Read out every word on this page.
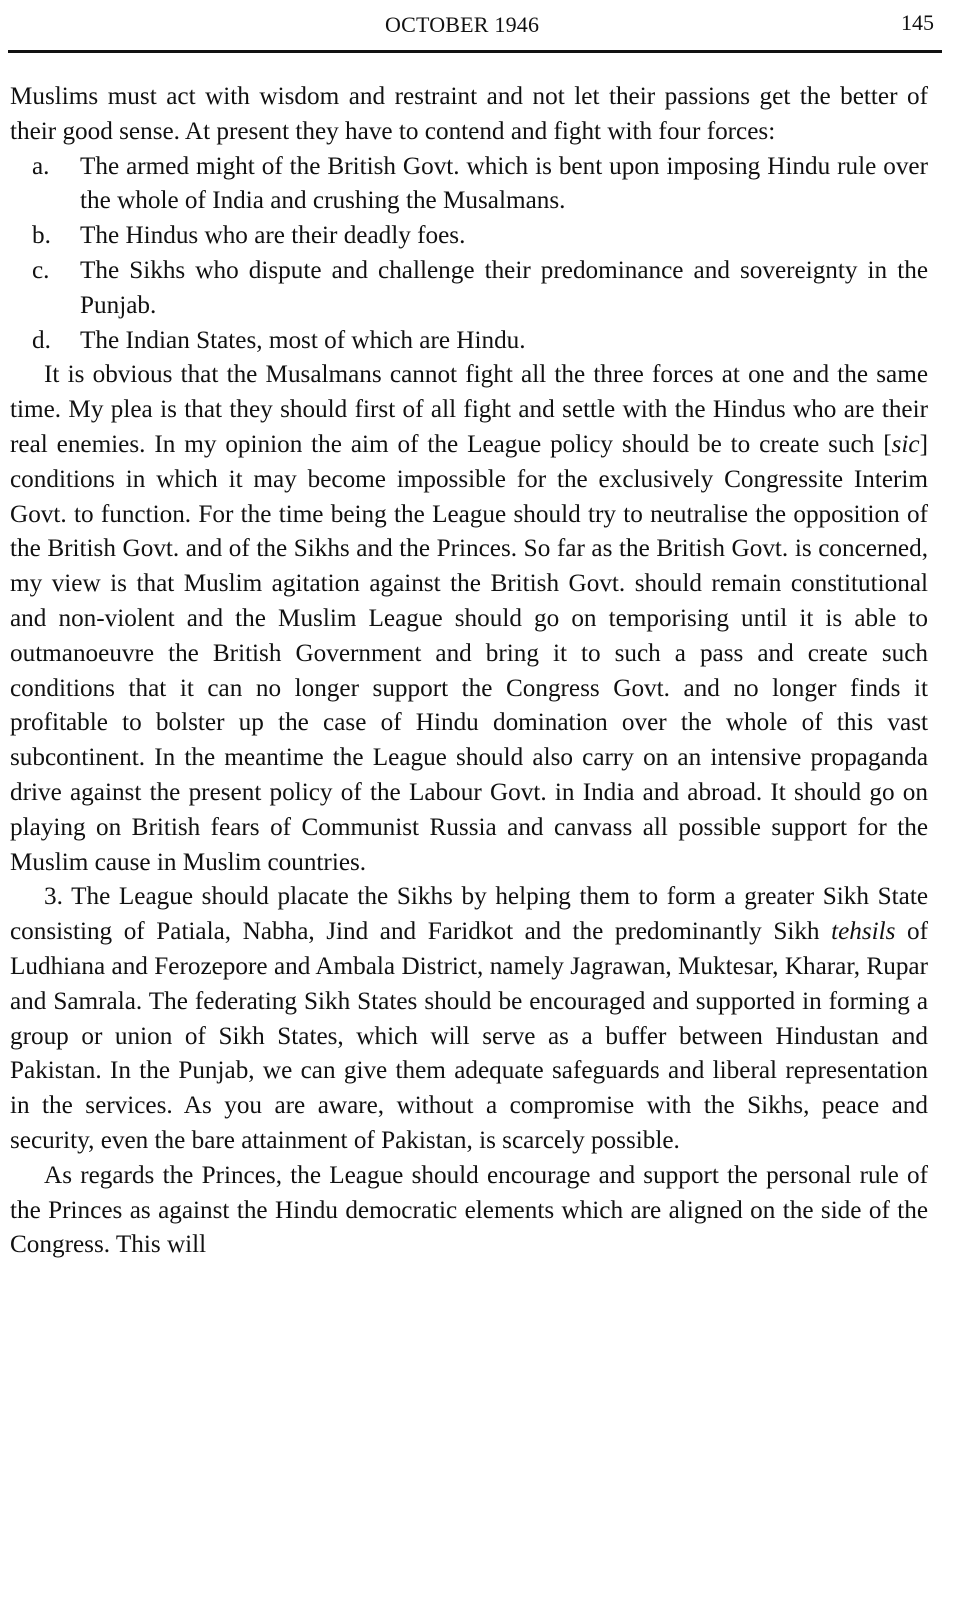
OCTOBER 1946	145

Muslims must act with wisdom and restraint and not let their passions get the better of their good sense. At present they have to contend and fight with four forces:

a.	The armed might of the British Govt. which is bent upon imposing Hindu rule over the whole of India and crushing the Musalmans.
b.	The Hindus who are their deadly foes.
c.	The Sikhs who dispute and challenge their predominance and sovereignty in the Punjab.
d.	The Indian States, most of which are Hindu.

It is obvious that the Musalmans cannot fight all the three forces at one and the same time. My plea is that they should first of all fight and settle with the Hindus who are their real enemies. In my opinion the aim of the League policy should be to create such [sic] conditions in which it may become impossible for the exclusively Congressite Interim Govt. to function. For the time being the League should try to neutralise the opposition of the British Govt. and of the Sikhs and the Princes. So far as the British Govt. is concerned, my view is that Muslim agitation against the British Govt. should remain constitutional and non-violent and the Muslim League should go on temporising until it is able to outmanoeuvre the British Government and bring it to such a pass and create such conditions that it can no longer support the Congress Govt. and no longer finds it profitable to bolster up the case of Hindu domination over the whole of this vast subcontinent. In the meantime the League should also carry on an intensive propaganda drive against the present policy of the Labour Govt. in India and abroad. It should go on playing on British fears of Communist Russia and canvass all possible support for the Muslim cause in Muslim countries.

3. The League should placate the Sikhs by helping them to form a greater Sikh State consisting of Patiala, Nabha, Jind and Faridkot and the predominantly Sikh tehsils of Ludhiana and Ferozepore and Ambala District, namely Jagrawan, Muktesar, Kharar, Rupar and Samrala. The federating Sikh States should be encouraged and supported in forming a group or union of Sikh States, which will serve as a buffer between Hindustan and Pakistan. In the Punjab, we can give them adequate safeguards and liberal representation in the services. As you are aware, without a compromise with the Sikhs, peace and security, even the bare attainment of Pakistan, is scarcely possible.

As regards the Princes, the League should encourage and support the personal rule of the Princes as against the Hindu democratic elements which are aligned on the side of the Congress. This will
